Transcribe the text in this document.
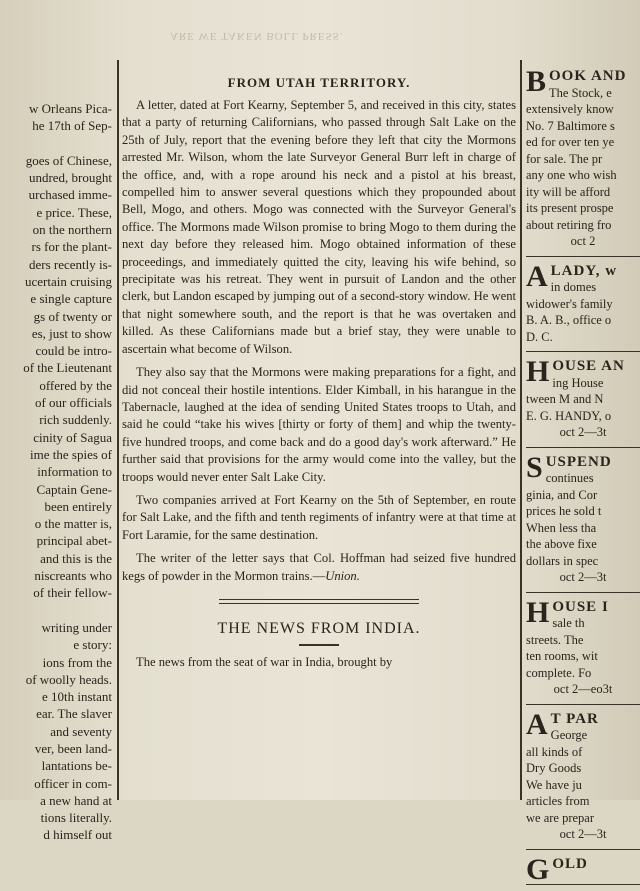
ARE WE TAKEN BOLL PRESS.
w Orleans Pica-
he 17th of Sep-
goes of Chinese,
undred, brought
urchased imme-
e price. These,
on the northern
rs for the plant-
ders recently is-
ucertain cruising
e single capture
gs of twenty or
es, just to show
could be intro-
of the Lieutenant
offered by the
of our officials
rich suddenly.
cinity of Sagua
ime the spies of
information to
Captain Gene-
been entirely
o the matter is,
principal abet-
and this is the
niscreants who
of their fellow-
writing under
e story:
ions from the
of woolly heads.
e 10th instant
ear. The slaver
and seventy
ver, been land-
lantations be-
officer in com-
a new hand at
tions literally.
d himself out
FROM UTAH TERRITORY.

A letter, dated at Fort Kearny, September 5, and received in this city, states that a party of returning Californians, who passed through Salt Lake on the 25th of July, report that the evening before they left that city the Mormons arrested Mr. Wilson, whom the late Surveyor General Burr left in charge of the office, and, with a rope around his neck and a pistol at his breast, compelled him to answer several questions which they propounded about Bell, Mogo, and others. Mogo was connected with the Surveyor General's office. The Mormons made Wilson promise to bring Mogo to them during the next day before they released him. Mogo obtained information of these proceedings, and immediately quitted the city, leaving his wife behind, so precipitate was his retreat. They went in pursuit of Landon and the other clerk, but Landon escaped by jumping out of a second-story window. He went that night somewhere south, and the report is that he was overtaken and killed. As these Californians made but a brief stay, they were unable to ascertain what become of Wilson.

They also say that the Mormons were making preparations for a fight, and did not conceal their hostile intentions. Elder Kimball, in his harangue in the Tabernacle, laughed at the idea of sending United States troops to Utah, and said he could “take his wives [thirty or forty of them] and whip the twenty-five hundred troops, and come back and do a good day's work afterward.” He further said that provisions for the army would come into the valley, but the troops would never enter Salt Lake City.

Two companies arrived at Fort Kearny on the 5th of September, en route for Salt Lake, and the fifth and tenth regiments of infantry were at that time at Fort Laramie, for the same destination.

The writer of the letter says that Col. Hoffman had seized five hundred kegs of powder in the Mormon trains.—Union.

THE NEWS FROM INDIA.

The news from the seat of war in India, brought by

BOOK AND
The Stock, e
extensively know
No. 7 Baltimore s
ed for over ten ye
for sale. The pr
any one who wish
ity will be afford
its present prospe
about retiring fro
oct 2
A LADY, w
in domes
widower's family
B. A. B., office o
D. C.
HOUSE AN
ing House
tween M and N
E. G. HANDY, o
oct 2—3t
SUSPEND
continues
ginia, and Cor
prices he sold t
When less tha
the above fixe
dollars in spec
oct 2—3t
HOUSE I
sale th
streets. The
ten rooms, wit
complete. Fo
oct 2—eo3t
A T PAR
George
all kinds of
Dry Goods
We have ju
articles from
we are prepar
oct 2—3t
GOLD
